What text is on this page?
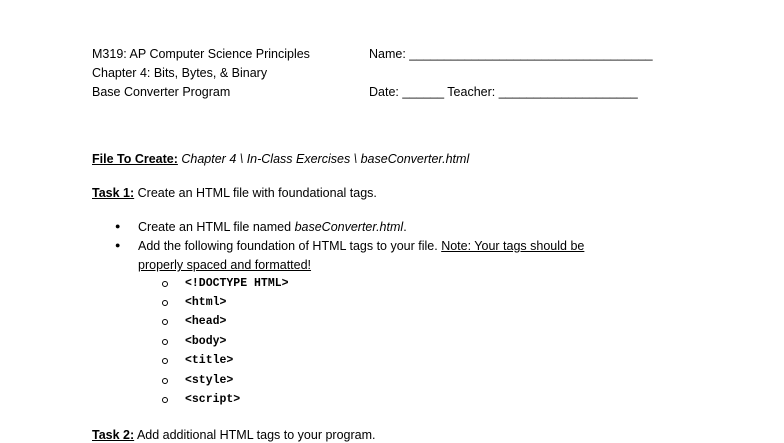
M319: AP Computer Science Principles
Chapter 4: Bits, Bytes, & Binary
Base Converter Program
Name: ___________________________________
Date: ______ Teacher: ____________________
File To Create: Chapter 4 \ In-Class Exercises \ baseConverter.html
Task 1: Create an HTML file with foundational tags.
● Create an HTML file named baseConverter.html.
● Add the following foundation of HTML tags to your file. Note: Your tags should be
properly spaced and formatted!
<!DOCTYPE HTML>
<html>
<head>
<body>
<title>
<style>
<script>
Task 2: Add additional HTML tags to your program.
